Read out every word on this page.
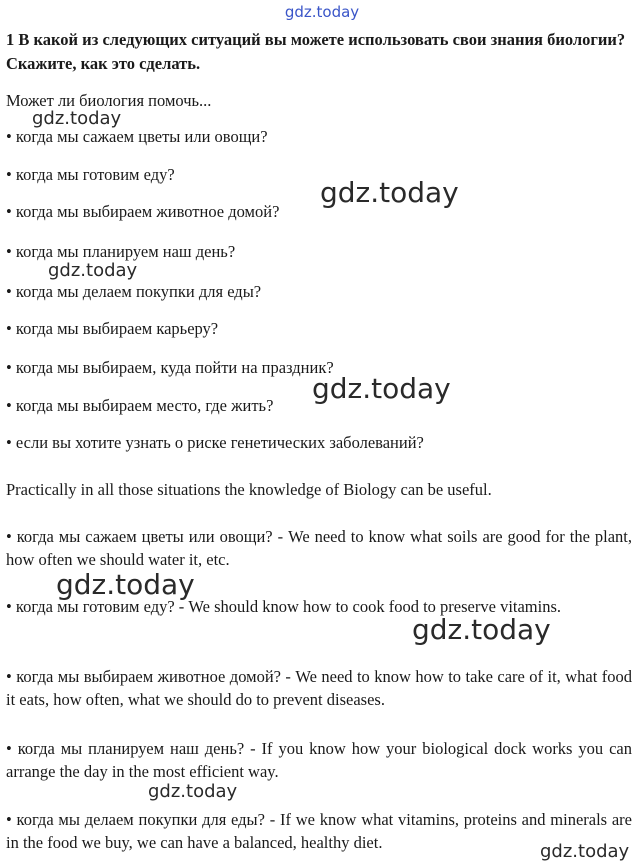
gdz.today
1 В какой из следующих ситуаций вы можете использовать свои знания биологии? Скажите, как это сделать.
Может ли биология помочь...
• когда мы сажаем цветы или овощи?
• когда мы готовим еду?
• когда мы выбираем животное домой?
• когда мы планируем наш день?
• когда мы делаем покупки для еды?
• когда мы выбираем карьеру?
• когда мы выбираем, куда пойти на праздник?
• когда мы выбираем место, где жить?
• если вы хотите узнать о риске генетических заболеваний?
Practically in all those situations the knowledge of Biology can be useful.
• когда мы сажаем цветы или овощи? - We need to know what soils are good for the plant, how often we should water it, etc.
• когда мы готовим еду? - We should know how to cook food to preserve vitamins.
• когда мы выбираем животное домой? - We need to know how to take care of it, what food it eats, how often, what we should do to prevent diseases.
• когда мы планируем наш день? - If you know how your biological dock works you can arrange the day in the most efficient way.
• когда мы делаем покупки для еды? - If we know what vitamins, proteins and minerals are in the food we buy, we can have a balanced, healthy diet.
gdz.today
gdz.today
gdz.today
gdz.today
gdz.today
gdz.today
gdz.today
gdz.today
